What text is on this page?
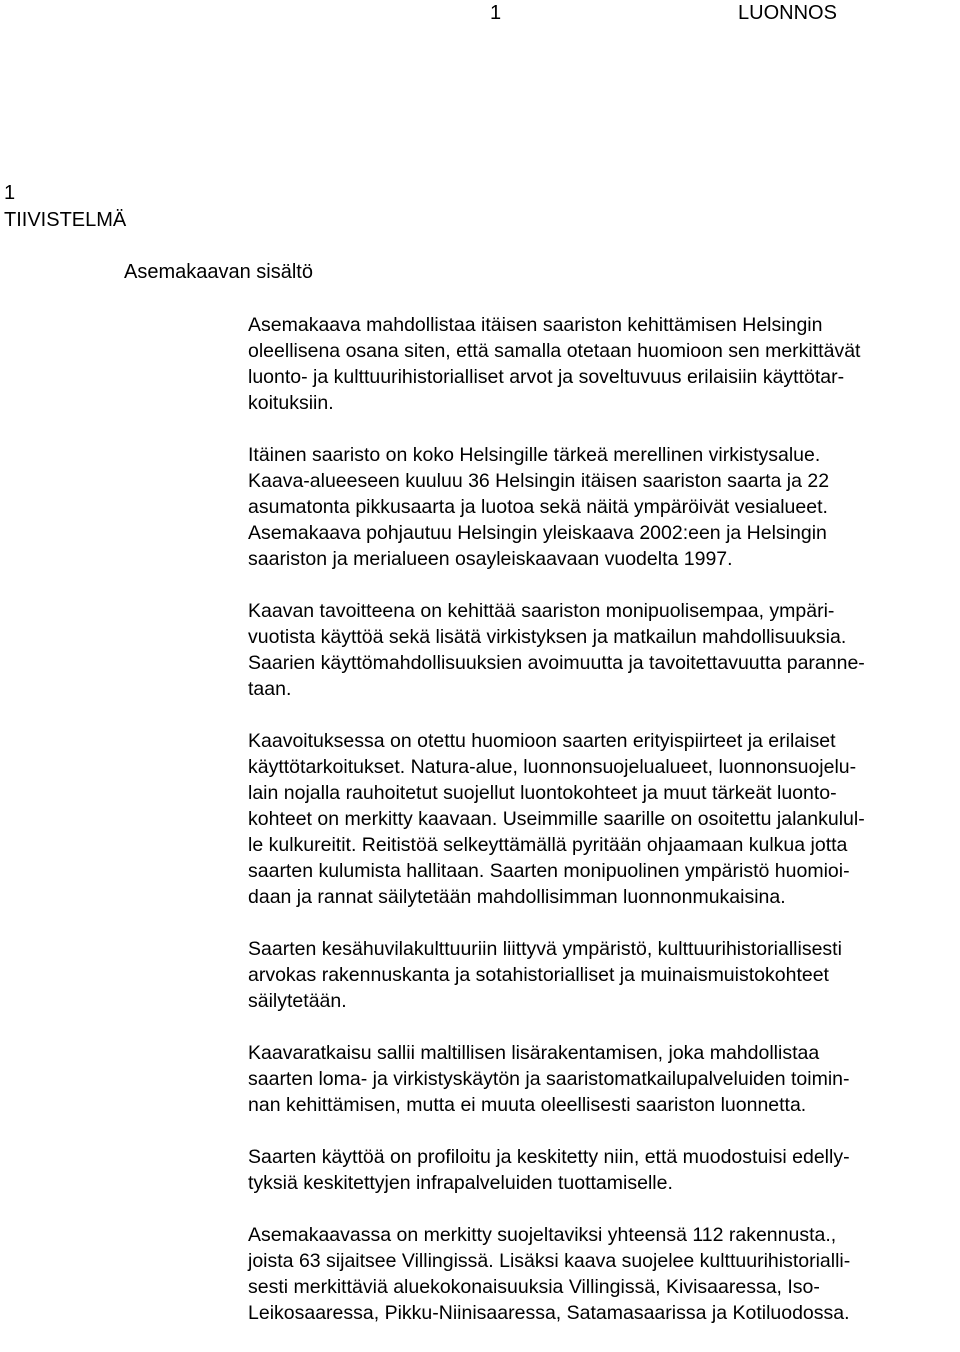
1	LUONNOS
1
TIIVISTELMÄ
Asemakaavan sisältö
Asemakaava mahdollistaa itäisen saariston kehittämisen Helsingin
oleellisena osana siten, että samalla otetaan huomioon sen merkittävät
luonto- ja kulttuurihistorialliset arvot ja soveltuvuus erilaisiin käyttötar-
koituksiin.
Itäinen saaristo on koko Helsingille tärkeä merellinen virkistysalue.
Kaava-alueeseen kuuluu 36 Helsingin itäisen saariston saarta ja 22
asumatonta pikkusaarta ja luotoa sekä näitä ympäröivät vesialueet.
Asemakaava pohjautuu Helsingin yleiskaava 2002:een ja Helsingin
saariston ja merialueen osayleiskaavaan vuodelta 1997.
Kaavan tavoitteena on kehittää saariston monipuolisempaa, ympäri-
vuotista käyttöä sekä lisätä virkistyksen ja matkailun mahdollisuuksia.
Saarien käyttömahdollisuuksien avoimuutta ja tavoitettavuutta paranne-
taan.
Kaavoituksessa on otettu huomioon saarten erityispiirteet ja erilaiset
käyttötarkoitukset. Natura-alue, luonnonsuojelualueet, luonnonsuojelu-
lain nojalla rauhoitetut suojellut luontokohteet ja muut tärkeät luonto-
kohteet on merkitty kaavaan. Useimmille saarille on osoitettu jalankulul-
le kulkureitit. Reitistöä selkeyttämällä pyritään ohjaamaan kulkua jotta
saarten kulumista hallitaan. Saarten monipuolinen ympäristö huomioi-
daan ja rannat säilytetään mahdollisimman luonnonmukaisina.
Saarten kesähuvilakulttuuriin liittyvä ympäristö, kulttuurihistoriallisesti
arvokas rakennuskanta ja sotahistorialliset ja muinaismuistokohteet
säilytetään.
Kaavaratkaisu sallii maltillisen lisärakentamisen, joka mahdollistaa
saarten loma- ja virkistyskäytön ja saaristomatkailupalveluiden toimin-
nan kehittämisen, mutta ei muuta oleellisesti saariston luonnetta.
Saarten käyttöä on profiloitu ja keskitetty niin, että muodostuisi edelly-
tyksiä keskitettyjen infrapalveluiden tuottamiselle.
Asemakaavassa on merkitty suojeltaviksi yhteensä 112 rakennusta.,
joista 63 sijaitsee Villingissä. Lisäksi kaava suojelee kulttuurihistorialli-
sesti merkittäviä aluekokonaisuuksia Villingissä, Kivisaaressa, Iso-
Leikosaaressa, Pikku-Niinisaaressa, Satamasaarissa ja Kotiluodossa.
